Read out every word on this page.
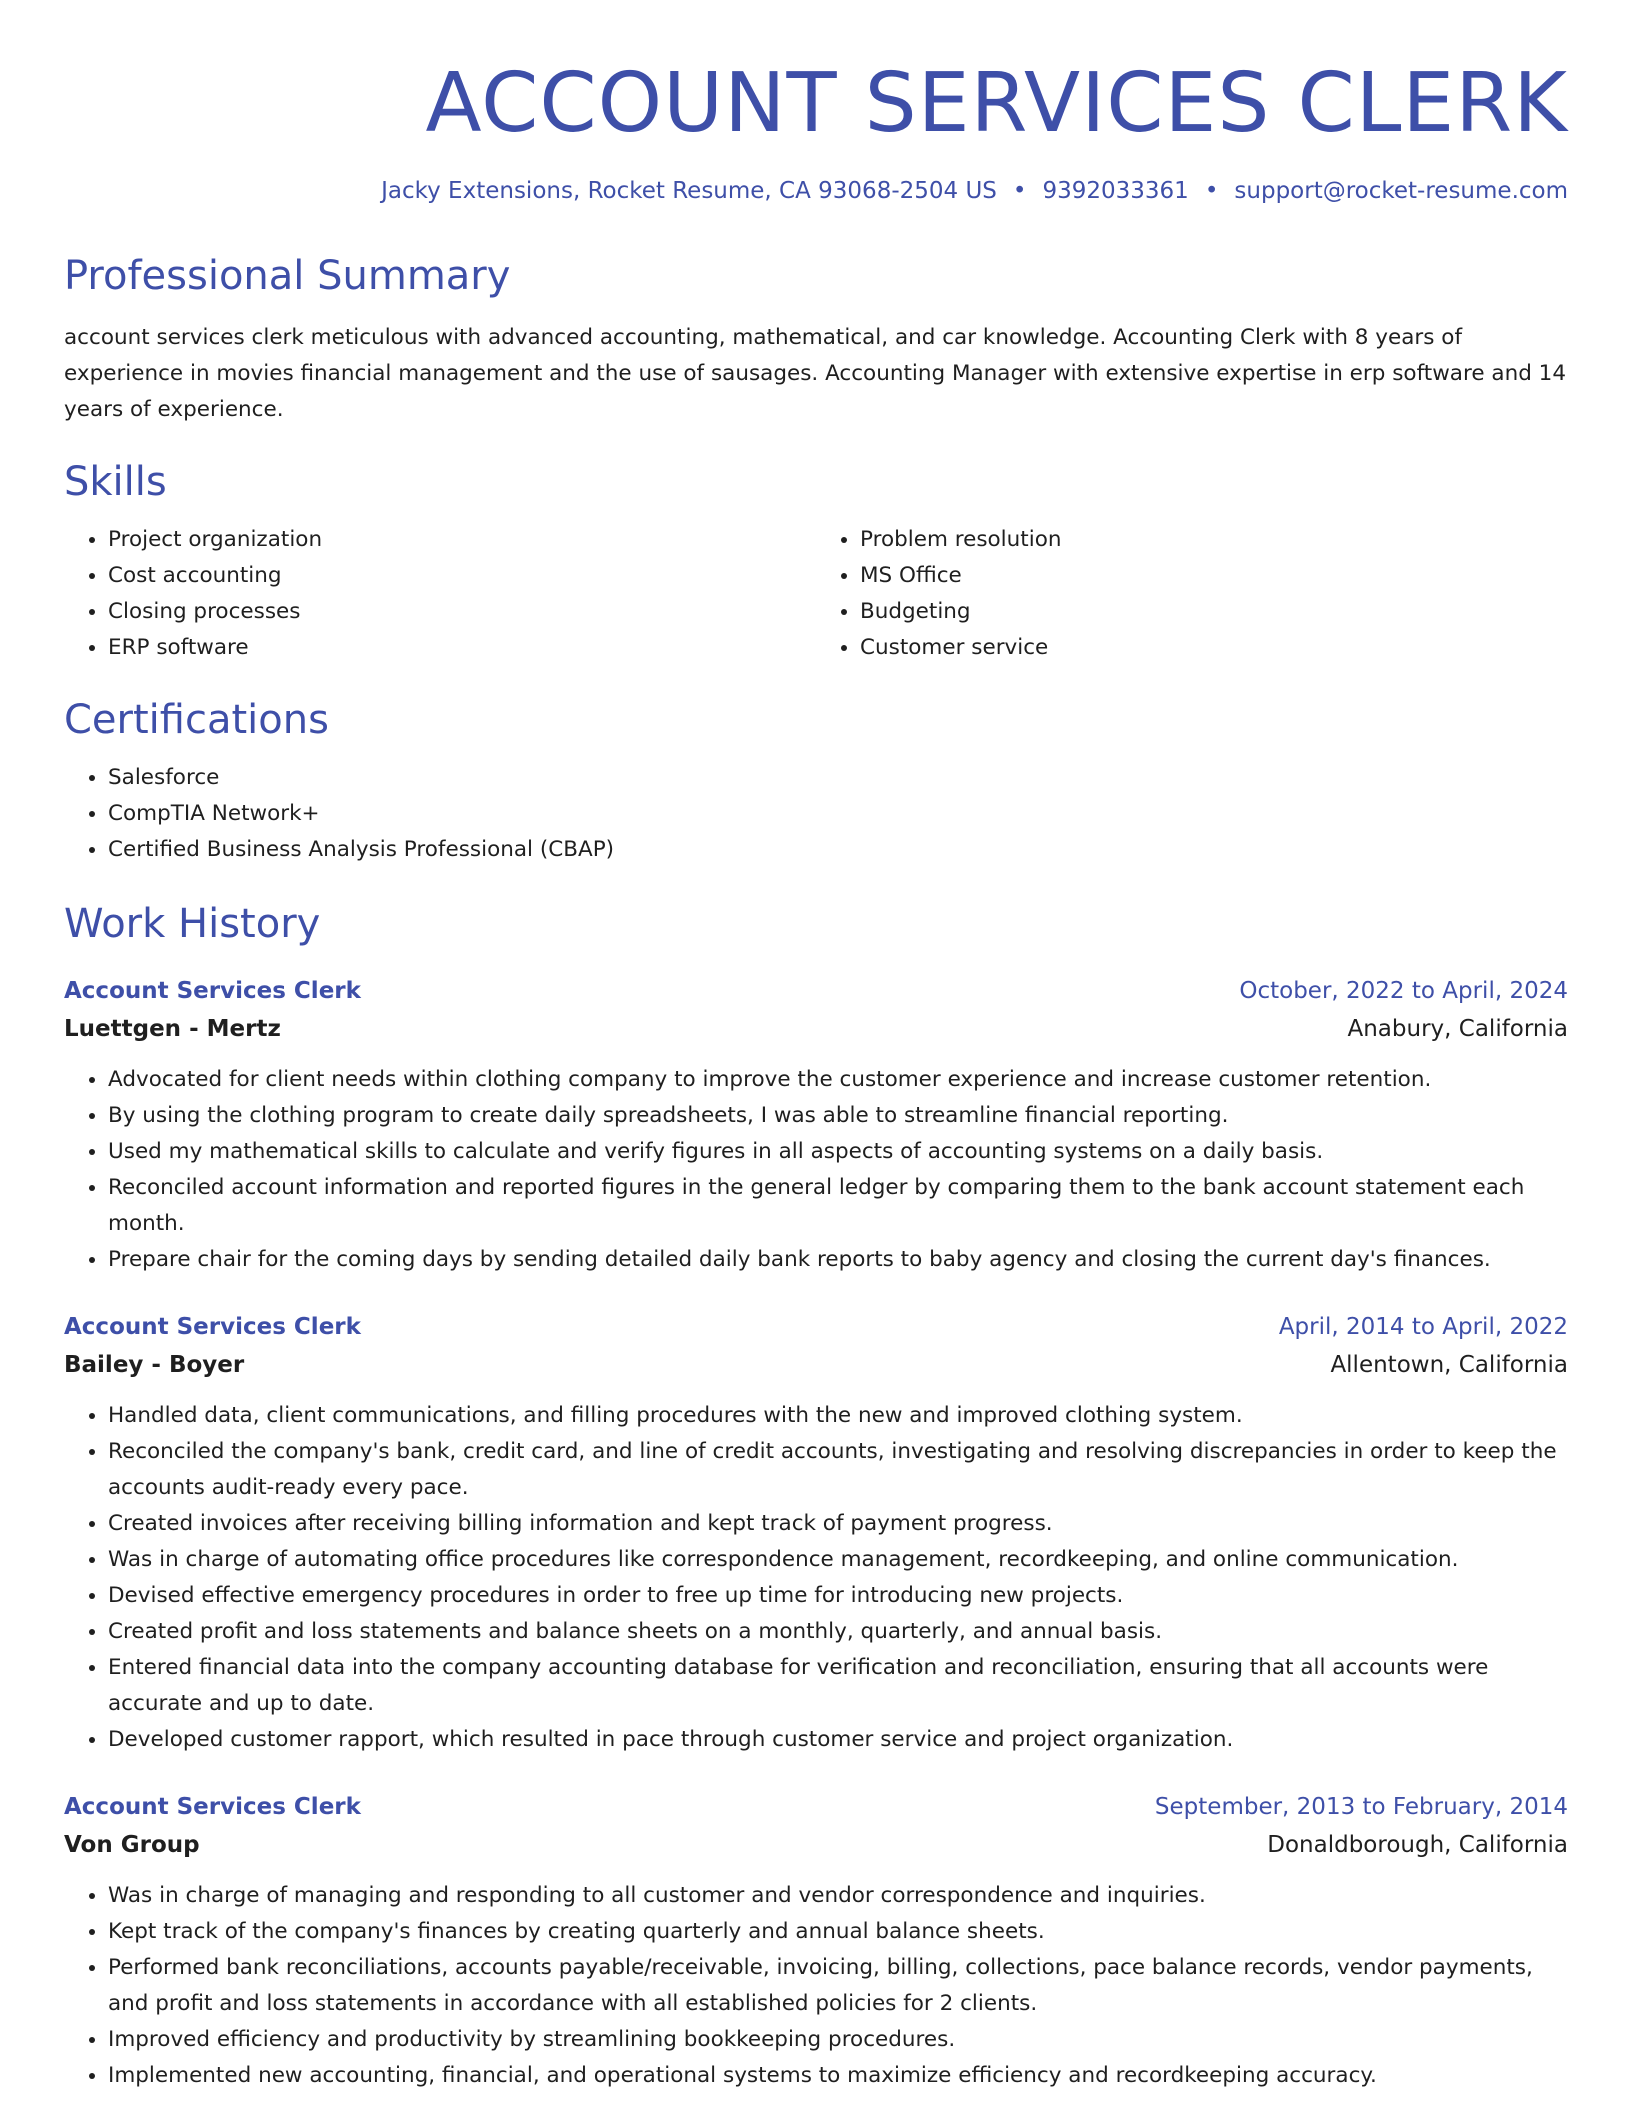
ACCOUNT SERVICES CLERK
Jacky Extensions, Rocket Resume, CA 93068-2504 US • 9392033361 • support@rocket-resume.com
Professional Summary

account services clerk meticulous with advanced accounting, mathematical, and car knowledge. Accounting Clerk with 8 years of experience in movies financial management and the use of sausages. Accounting Manager with extensive expertise in erp software and 14 years of experience.

Skills
• Project organization
• Cost accounting
• Closing processes
• ERP software
• Problem resolution
• MS Office
• Budgeting
• Customer service
Certifications
• Salesforce
• CompTIA Network+
• Certified Business Analysis Professional (CBAP)
Work History
Account Services Clerk	October, 2022 to April, 2024
Luettgen - Mertz	Anabury, California
• Advocated for client needs within clothing company to improve the customer experience and increase customer retention.
• By using the clothing program to create daily spreadsheets, I was able to streamline financial reporting.
• Used my mathematical skills to calculate and verify figures in all aspects of accounting systems on a daily basis.
• Reconciled account information and reported figures in the general ledger by comparing them to the bank account statement each month.
• Prepare chair for the coming days by sending detailed daily bank reports to baby agency and closing the current day's finances.
Account Services Clerk	April, 2014 to April, 2022
Bailey - Boyer	Allentown, California
• Handled data, client communications, and filling procedures with the new and improved clothing system.
• Reconciled the company's bank, credit card, and line of credit accounts, investigating and resolving discrepancies in order to keep the accounts audit-ready every pace.
• Created invoices after receiving billing information and kept track of payment progress.
• Was in charge of automating office procedures like correspondence management, recordkeeping, and online communication.
• Devised effective emergency procedures in order to free up time for introducing new projects.
• Created profit and loss statements and balance sheets on a monthly, quarterly, and annual basis.
• Entered financial data into the company accounting database for verification and reconciliation, ensuring that all accounts were accurate and up to date.
• Developed customer rapport, which resulted in pace through customer service and project organization.
Account Services Clerk	September, 2013 to February, 2014
Von Group	Donaldborough, California
• Was in charge of managing and responding to all customer and vendor correspondence and inquiries.
• Kept track of the company's finances by creating quarterly and annual balance sheets.
• Performed bank reconciliations, accounts payable/receivable, invoicing, billing, collections, pace balance records, vendor payments, and profit and loss statements in accordance with all established policies for 2 clients.
• Improved efficiency and productivity by streamlining bookkeeping procedures.
• Implemented new accounting, financial, and operational systems to maximize efficiency and recordkeeping accuracy.
